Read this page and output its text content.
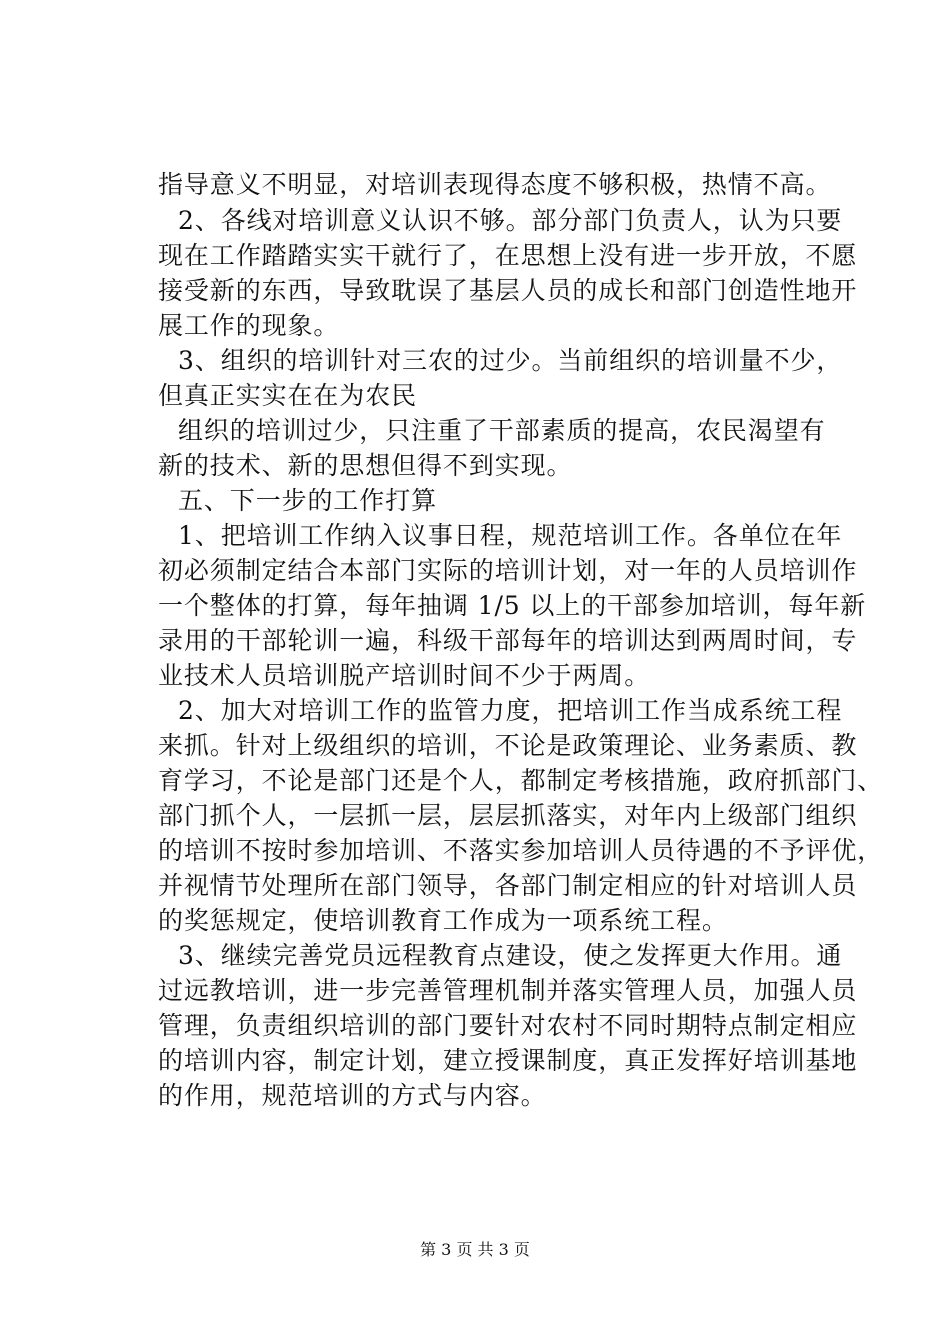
指导意义不明显，对培训表现得态度不够积极，热情不高。
2、各线对培训意义认识不够。部分部门负责人，认为只要
现在工作踏踏实实干就行了，在思想上没有进一步开放，不愿
接受新的东西，导致耽误了基层人员的成长和部门创造性地开
展工作的现象。
3、组织的培训针对三农的过少。当前组织的培训量不少，
但真正实实在在为农民
组织的培训过少，只注重了干部素质的提高，农民渴望有
新的技术、新的思想但得不到实现。
五、下一步的工作打算
1、把培训工作纳入议事日程，规范培训工作。各单位在年
初必须制定结合本部门实际的培训计划，对一年的人员培训作
一个整体的打算，每年抽调 1/5 以上的干部参加培训，每年新
录用的干部轮训一遍，科级干部每年的培训达到两周时间，专
业技术人员培训脱产培训时间不少于两周。
2、加大对培训工作的监管力度，把培训工作当成系统工程
来抓。针对上级组织的培训，不论是政策理论、业务素质、教
育学习，不论是部门还是个人，都制定考核措施，政府抓部门、
部门抓个人，一层抓一层，层层抓落实，对年内上级部门组织
的培训不按时参加培训、不落实参加培训人员待遇的不予评优，
并视情节处理所在部门领导，各部门制定相应的针对培训人员
的奖惩规定，使培训教育工作成为一项系统工程。
3、继续完善党员远程教育点建设，使之发挥更大作用。通
过远教培训，进一步完善管理机制并落实管理人员，加强人员
管理，负责组织培训的部门要针对农村不同时期特点制定相应
的培训内容，制定计划，建立授课制度，真正发挥好培训基地
的作用，规范培训的方式与内容。
第 3 页 共 3 页
